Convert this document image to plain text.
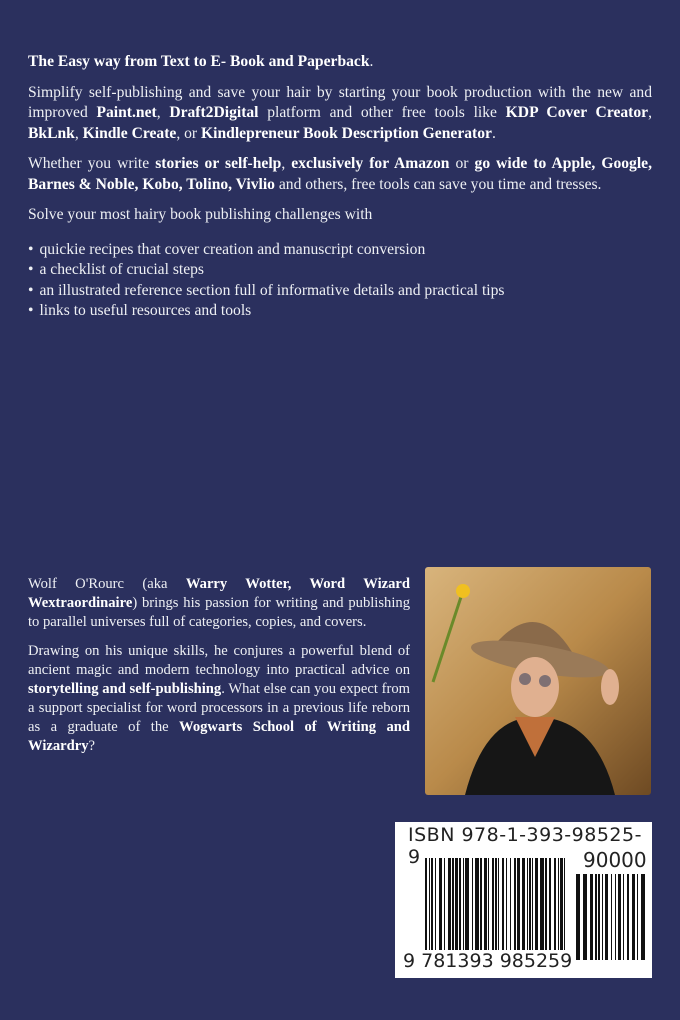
The Easy way from Text to E- Book and Paperback.

Simplify self-publishing and save your hair by starting your book production with the new and improved Paint.net, Draft2Digital platform and other free tools like KDP Cover Creator, BkLnk, Kindle Create, or Kindlepreneur Book Description Generator.

Whether you write stories or self-help, exclusively for Amazon or go wide to Apple, Google, Barnes & Noble, Kobo, Tolino, Vivlio and others, free tools can save you time and tresses.

Solve your most hairy book publishing challenges with

• quickie recipes that cover creation and manuscript conversion
• a checklist of crucial steps
• an illustrated reference section full of informative details and practical tips
• links to useful resources and tools

Wolf O'Rourc (aka Warry Wotter, Word Wizard Wextraordinaire) brings his passion for writing and publishing to parallel universes full of categories, copies, and covers.

Drawing on his unique skills, he conjures a powerful blend of ancient magic and modern technology into practical advice on storytelling and self-publishing. What else can you expect from a support specialist for word processors in a previous life reborn as a graduate of the Wogwarts School of Writing and Wizardry?

ISBN 978-1-393-98525-9	90000
9 781393 985259
